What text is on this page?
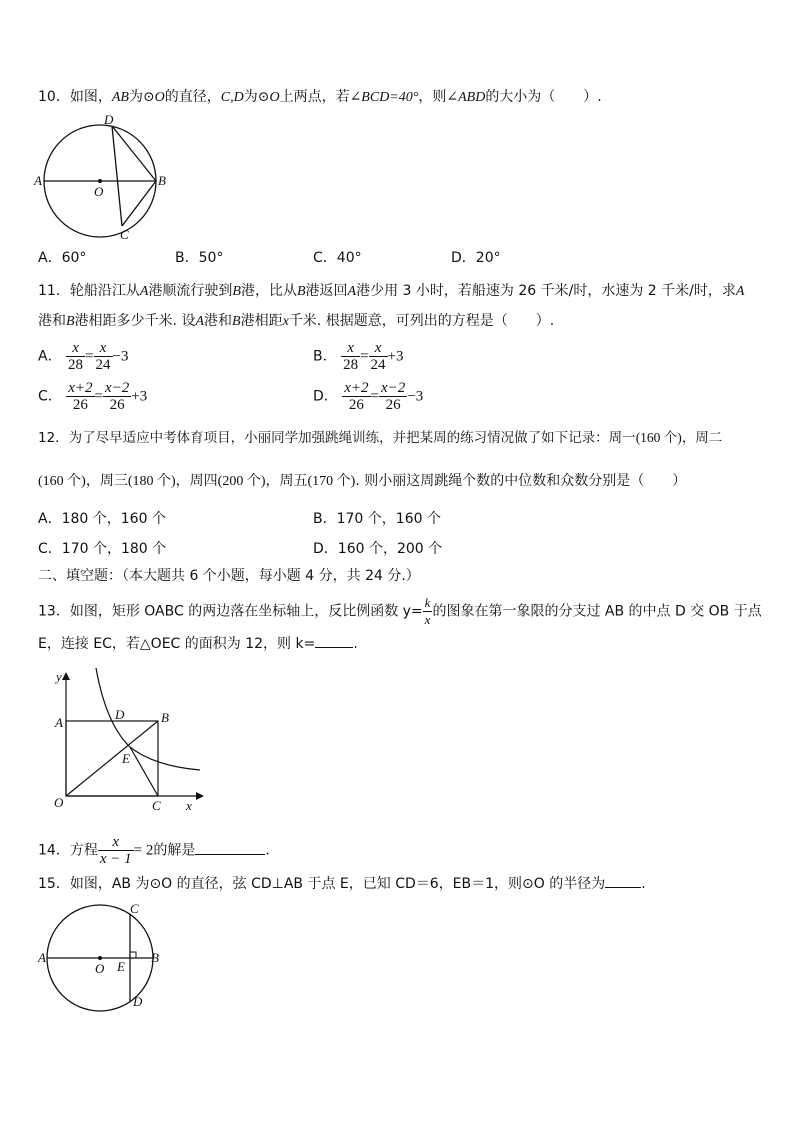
10．如图，AB为⊙O的直径，C,D为⊙O上两点，若∠BCD=40°，则∠ABD的大小为（　　）.
A	B
D
C
O
A．60°	B．50°	C．40°	D．20°
11．轮船沿江从A港顺流行驶到B港，比从B港返回A港少用 3 小时，若船速为 26 千米/时，水速为 2 千米/时，求A
港和B港相距多少千米. 设A港和B港相距x千米. 根据题意，可列出的方程是（　　）.
A． $\frac{x}{28} = \frac{x}{24} -3$	B． $\frac{x}{28} = \frac{x}{24} +3$
C． $\frac{x+2}{26} = \frac{x-2}{26} +3$	D． $\frac{x+2}{26} = \frac{x-2}{26} -3$
12．为了尽早适应中考体育项目，小丽同学加强跳绳训练，并把某周的练习情况做了如下记录：周一(160 个)，周二
(160 个)，周三(180 个)，周四(200 个)，周五(170 个). 则小丽这周跳绳个数的中位数和众数分别是（　　）
A．180 个，160 个	B．170 个，160 个
C．170 个，180 个	D．160 个，200 个
二、填空题：（本大题共 6 个小题，每小题 4 分，共 24 分.）
13．如图，矩形 OABC 的两边落在坐标轴上，反比例函数 $y= \frac{k}{x}$ 的图象在第一象限的分支过 AB 的中点 D 交 OB 于点
E，连接 EC，若△OEC 的面积为 12，则 k=	.
y
x
A	B
D
E
O	C
14．方程 $\frac{x}{x - 1} = 2$的解是	.
15．如图，AB 为⊙O 的直径，弦 CD⊥AB 于点 E，已知 CD＝6，EB＝1，则⊙O 的半径为	.
A	B
C
D
E
O
